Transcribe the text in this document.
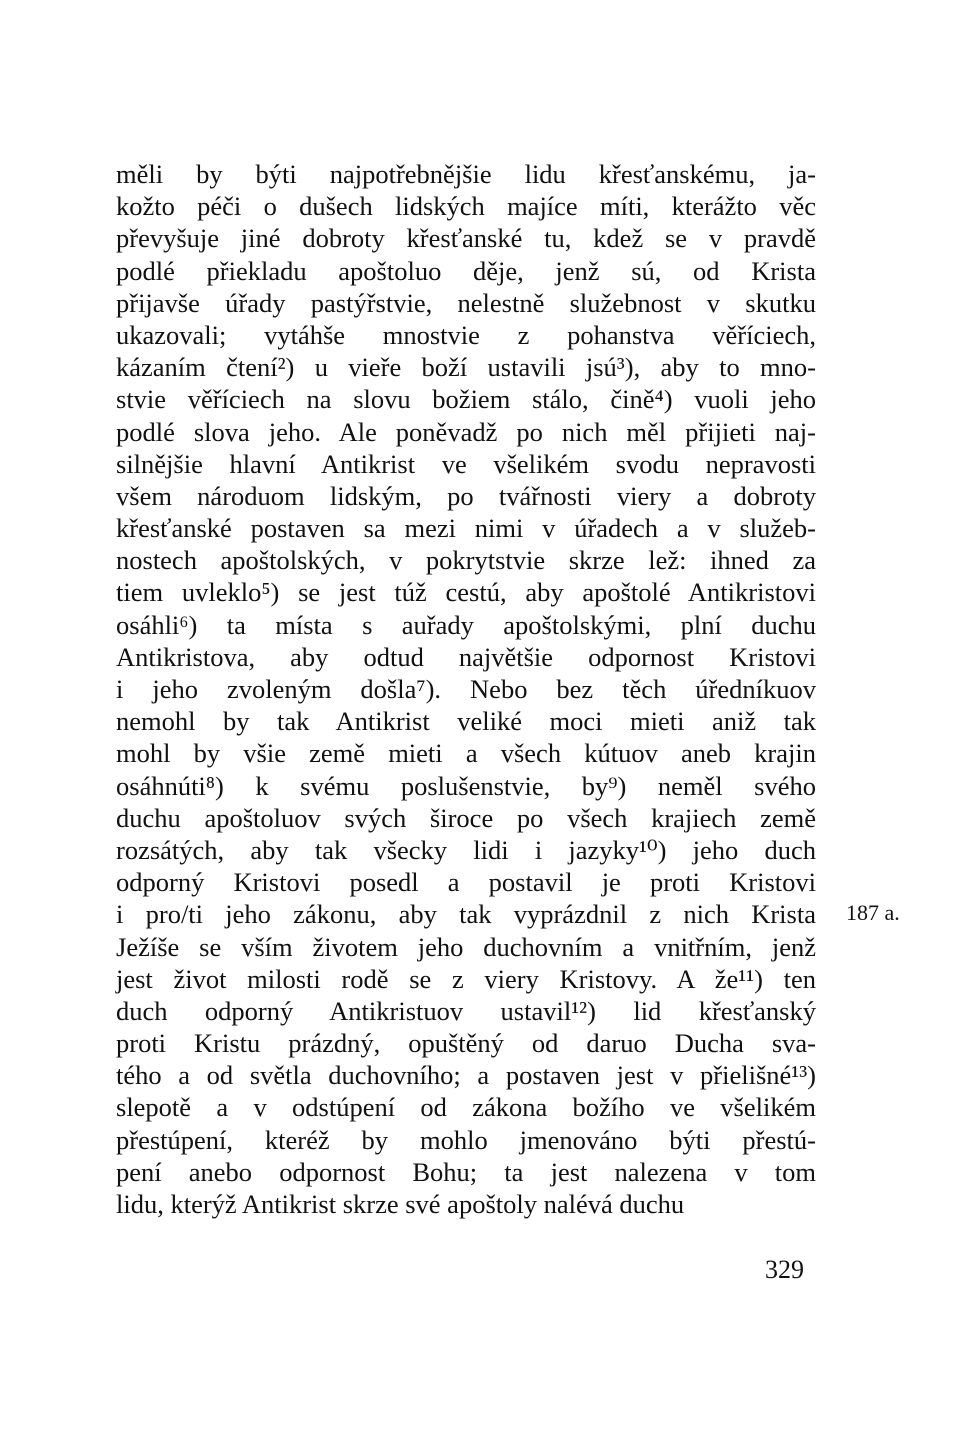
měli by býti najpotřebnějšie lidu křesťanskému, ja-
kožto péči o dušech lidských majíce míti, kterážto věc
převyšuje jiné dobroty křesťanské tu, kdež se v pravdě
podlé přiekladu apoštoluo děje, jenž sú, od Krista
přijavše úřady pastýřstvie, nelestně služebnost v skutku
ukazovali; vytáhše mnostvie z pohanstva věříciech,
kázaním čtení²) u vieře boží ustavili jsú³), aby to mno-
stvie věříciech na slovu božiem stálo, čině⁴) vuoli jeho
podlé slova jeho. Ale poněvadž po nich měl přijieti naj-
silnějšie hlavní Antikrist ve všelikém svodu nepravosti
všem národuom lidským, po tvářnosti viery a dobroty
křesťanské postaven sa mezi nimi v úřadech a v služeb-
nostech apoštolských, v pokrytstvie skrze lež: ihned za
tiem uvleklo⁵) se jest túž cestú, aby apoštolé Antikristovi
osáhli⁶) ta místa s auřady apoštolskými, plní duchu
Antikristova, aby odtud najvětšie odpornost Kristovi
i jeho zvoleným došla⁷). Nebo bez těch úředníkuov
nemohl by tak Antikrist veliké moci mieti aniž tak
mohl by všie země mieti a všech kútuov aneb krajin
osáhnúti⁸) k svému poslušenstvie, by⁹) neměl svého
duchu apoštoluov svých široce po všech krajiech země
rozsátých, aby tak všecky lidi i jazyky¹⁰) jeho duch
odporný Kristovi posedl a postavil je proti Kristovi
i pro/ti jeho zákonu, aby tak vyprázdnil z nich Krista
Ježíše se vším životem jeho duchovním a vnitřním, jenž
jest život milosti rodě se z viery Kristovy. A že¹¹) ten
duch odporný Antikristuov ustavil¹²) lid křesťanský
proti Kristu prázdný, opuštěný od daruo Ducha sva-
tého a od světla duchovního; a postaven jest v přielišné¹³)
slepotě a v odstúpení od zákona božího ve všelikém
přestúpení, kteréž by mohlo jmenováno býti přestú-
pení anebo odpornost Bohu; ta jest nalezena v tom
lidu, kterýž Antikrist skrze své apoštoly nalévá duchu
187 a.
329
